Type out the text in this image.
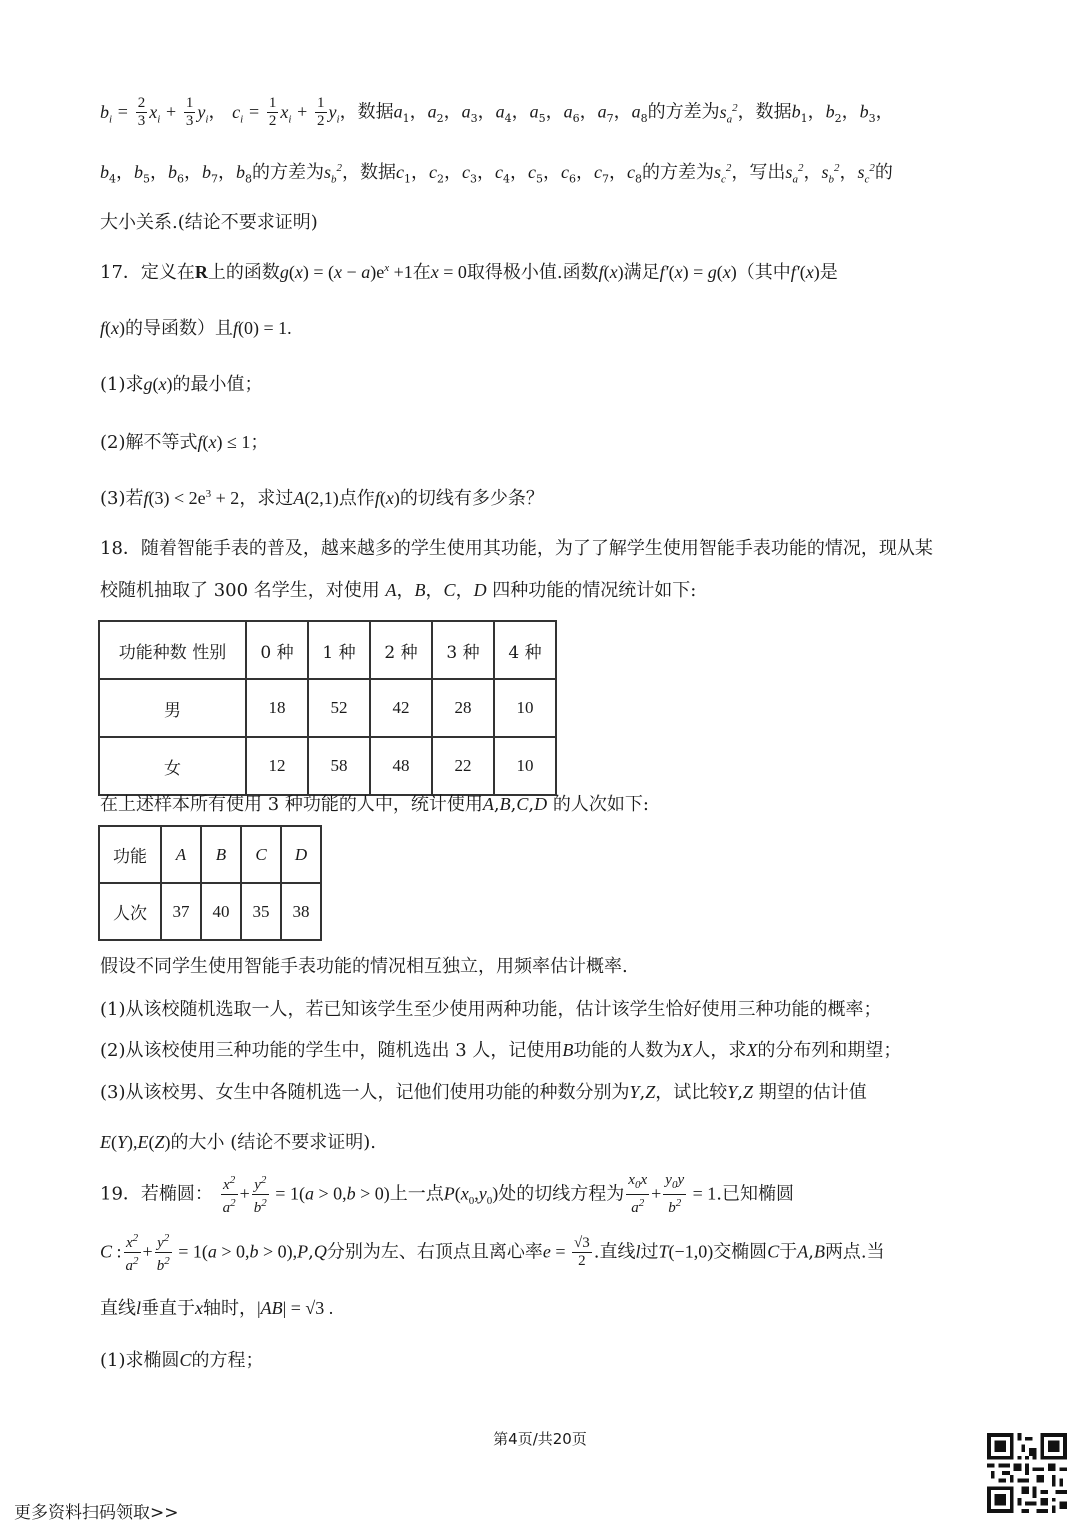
$b_i = \frac{2}{3} x_i + \frac{1}{3} y_i$， $c_i = \frac{1}{2} x_i + \frac{1}{2} y_i$，数据$a_1$，$a_2$，$a_3$，$a_4$，$a_5$，$a_6$，$a_7$，$a_8$的方差为$s_a^2$，数据$b_1$，$b_2$，$b_3$，
$b_4$，$b_5$，$b_6$，$b_7$，$b_8$的方差为$s_b^2$，数据$c_1$，$c_2$，$c_3$，$c_4$，$c_5$，$c_6$，$c_7$，$c_8$的方差为$s_c^2$，写出$s_a^2$，$s_b^2$，$s_c^2$的
大小关系.(结论不要求证明)
17．定义在R上的函数$g(x) = (x - a)e^x +1$在x = 0取得极小值.函数f(x)满足f′(x) = g(x)（其中f′(x)是
f(x)的导函数）且f(0) = 1.
(1)求g(x)的最小值；
(2)解不等式f(x) ≤ 1；
(3)若$f(3) < 2e^3 + 2$，求过A(2,1)点作f(x)的切线有多少条？
18．随着智能手表的普及，越来越多的学生使用其功能，为了了解学生使用智能手表功能的情况，现从某
校随机抽取了 300 名学生，对使用 A，B，C，D 四种功能的情况统计如下:
功能种数 性别	0 种	1 种	2 种	3 种	4 种
男	18	52	42	28	10
女	12	58	48	22	10
在上述样本所有使用 3 种功能的人中，统计使用A,B,C,D 的人次如下:
功能	A	B	C	D
人次	37	40	35	38
假设不同学生使用智能手表功能的情况相互独立，用频率估计概率.
(1)从该校随机选取一人，若已知该学生至少使用两种功能，估计该学生恰好使用三种功能的概率；
(2)从该校使用三种功能的学生中，随机选出 3 人，记使用B功能的人数为X人，求X的分布列和期望；
(3)从该校男、女生中各随机选一人，记他们使用功能的种数分别为Y,Z，试比较Y,Z 期望的估计值
E(Y),E(Z)的大小 (结论不要求证明).
19．若椭圆： $\frac{x^2}{a^2} + \frac{y^2}{b^2} = 1(a > 0,b > 0)$上一点$P(x_0,y_0)$处的切线方程为 $\frac{x_0x}{a^2} + \frac{y_0y}{b^2} = 1$.已知椭圆
C : $\frac{x^2}{a^2} + \frac{y^2}{b^2} = 1(a > 0,b > 0),P,Q$分别为左、右顶点且离心率$e = \frac{√3}{2}$ .直线l过T(−1,0)交椭圆C于A,B两点.当
直线l垂直于x轴时，|AB| = √3 .
(1)求椭圆C的方程；
第4页/共20页
更多资料扫码领取>>
